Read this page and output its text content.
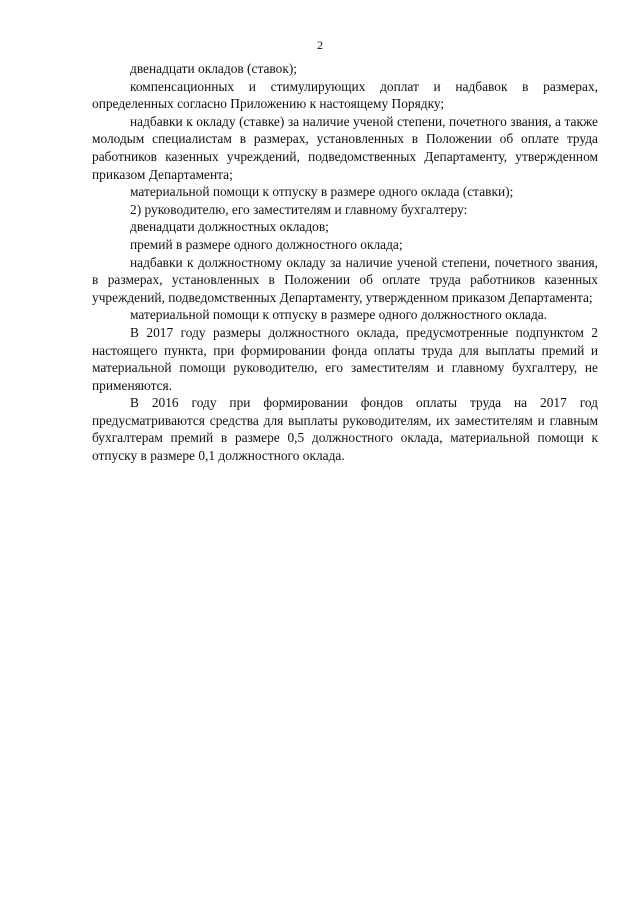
2

двенадцати окладов (ставок);

компенсационных и стимулирующих доплат и надбавок в размерах, определенных согласно Приложению к настоящему Порядку;

надбавки к окладу (ставке) за наличие ученой степени, почетного звания, а также молодым специалистам в размерах, установленных в Положении об оплате труда работников казенных учреждений, подведомственных Департаменту, утвержденном приказом Департамента;

материальной помощи к отпуску в размере одного оклада (ставки);

2) руководителю, его заместителям и главному бухгалтеру:

двенадцати должностных окладов;

премий в размере одного должностного оклада;

надбавки к должностному окладу за наличие ученой степени, почетного звания, в размерах, установленных в Положении об оплате труда работников казенных учреждений, подведомственных Департаменту, утвержденном приказом Департамента;

материальной помощи к отпуску в размере одного должностного оклада.

В 2017 году размеры должностного оклада, предусмотренные подпунктом 2 настоящего пункта, при формировании фонда оплаты труда для выплаты премий и материальной помощи руководителю, его заместителям и главному бухгалтеру, не применяются.

В 2016 году при формировании фондов оплаты труда на 2017 год предусматриваются средства для выплаты руководителям, их заместителям и главным бухгалтерам премий в размере 0,5 должностного оклада, материальной помощи к отпуску в размере 0,1 должностного оклада.
